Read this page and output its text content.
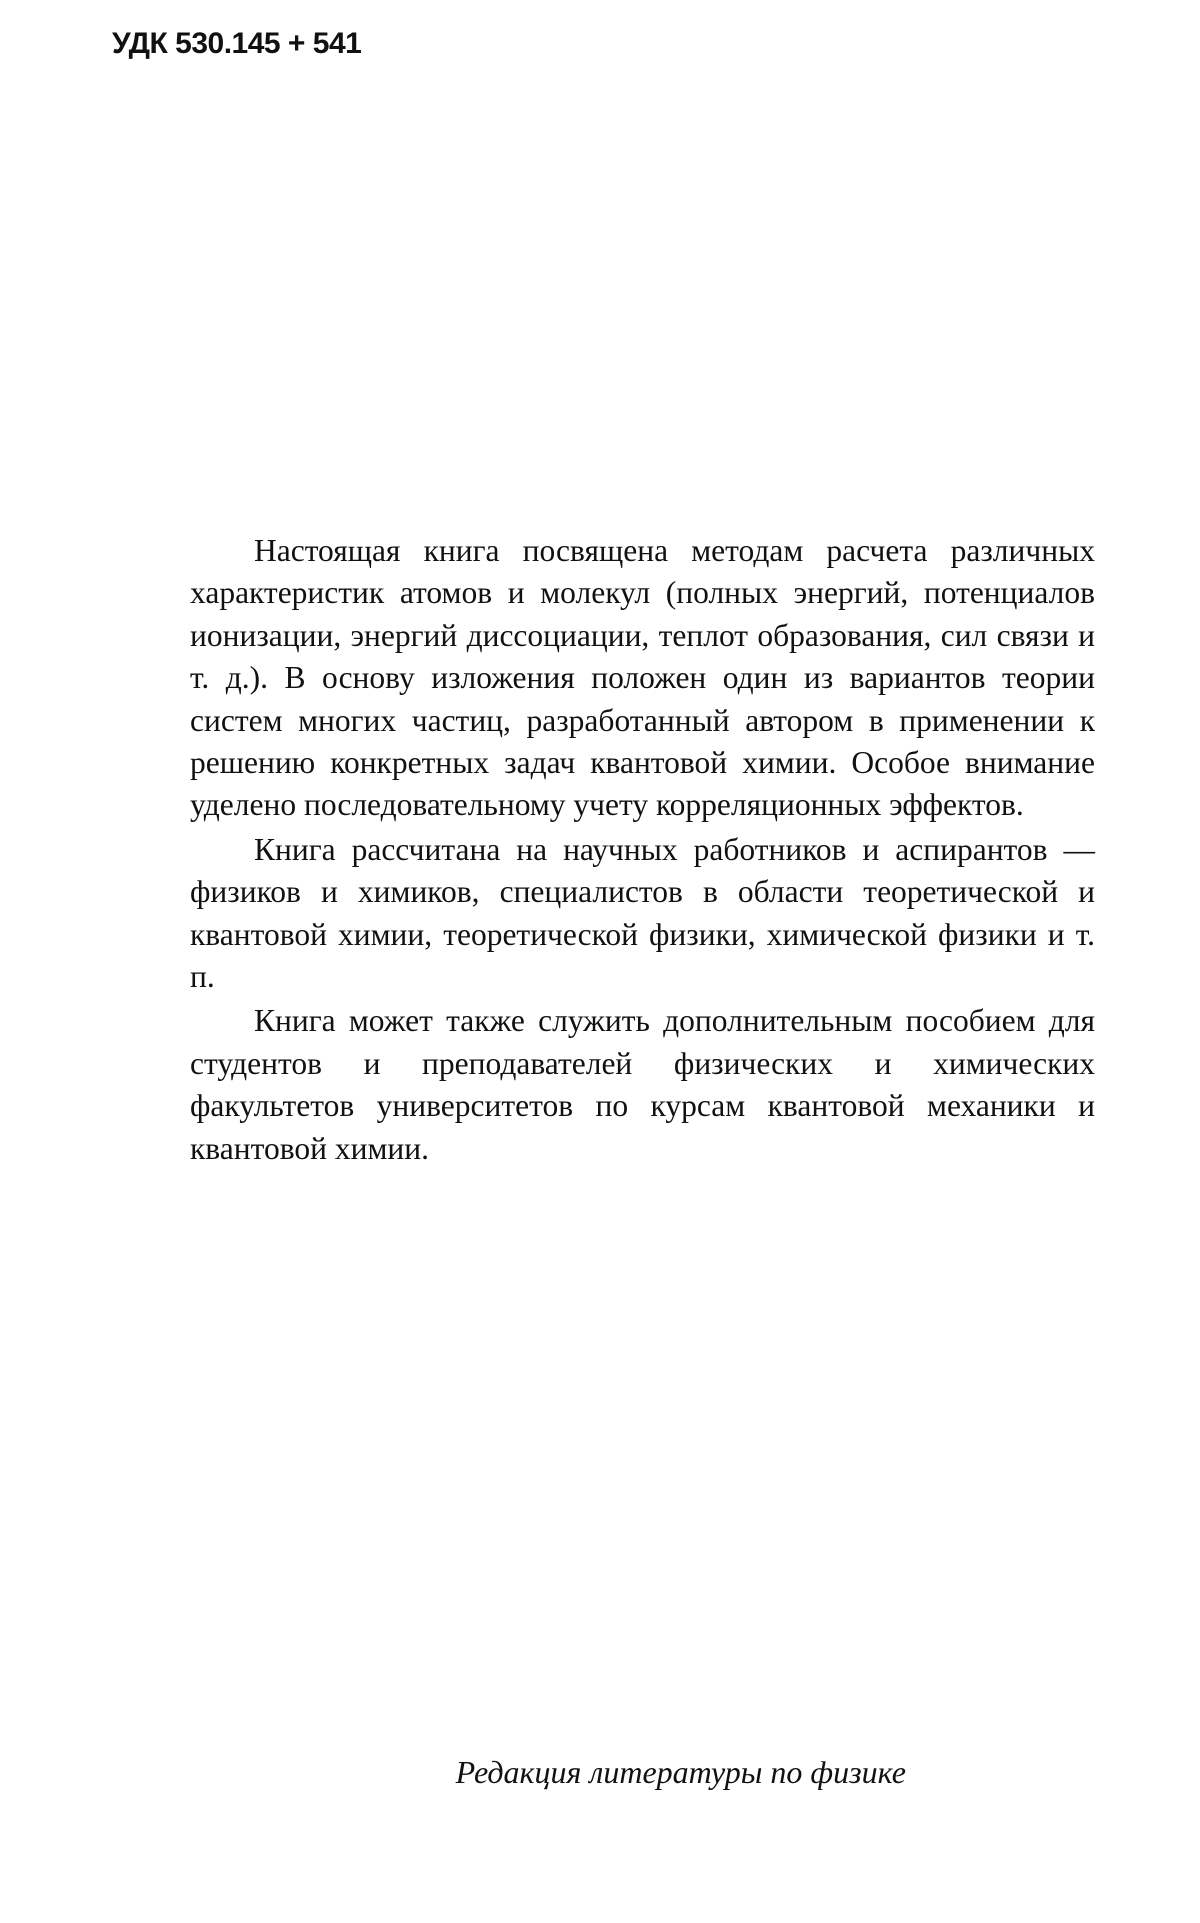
УДК 530.145 + 541

Настоящая книга посвящена методам расчета различных характеристик атомов и молекул (полных энергий, потенциалов ионизации, энергий диссоциации, теплот образования, сил связи и т. д.). В основу изложения положен один из вариантов теории систем многих частиц, разработанный автором в применении к решению конкретных задач квантовой химии. Особое внимание уделено последовательному учету корреляционных эффектов.

Книга рассчитана на научных работников и аспирантов — физиков и химиков, специалистов в области теоретической и квантовой химии, теоретической физики, химической физики и т. п.

Книга может также служить дополнительным пособием для студентов и преподавателей физических и химических факультетов университетов по курсам квантовой механики и квантовой химии.

Редакция литературы по физике
